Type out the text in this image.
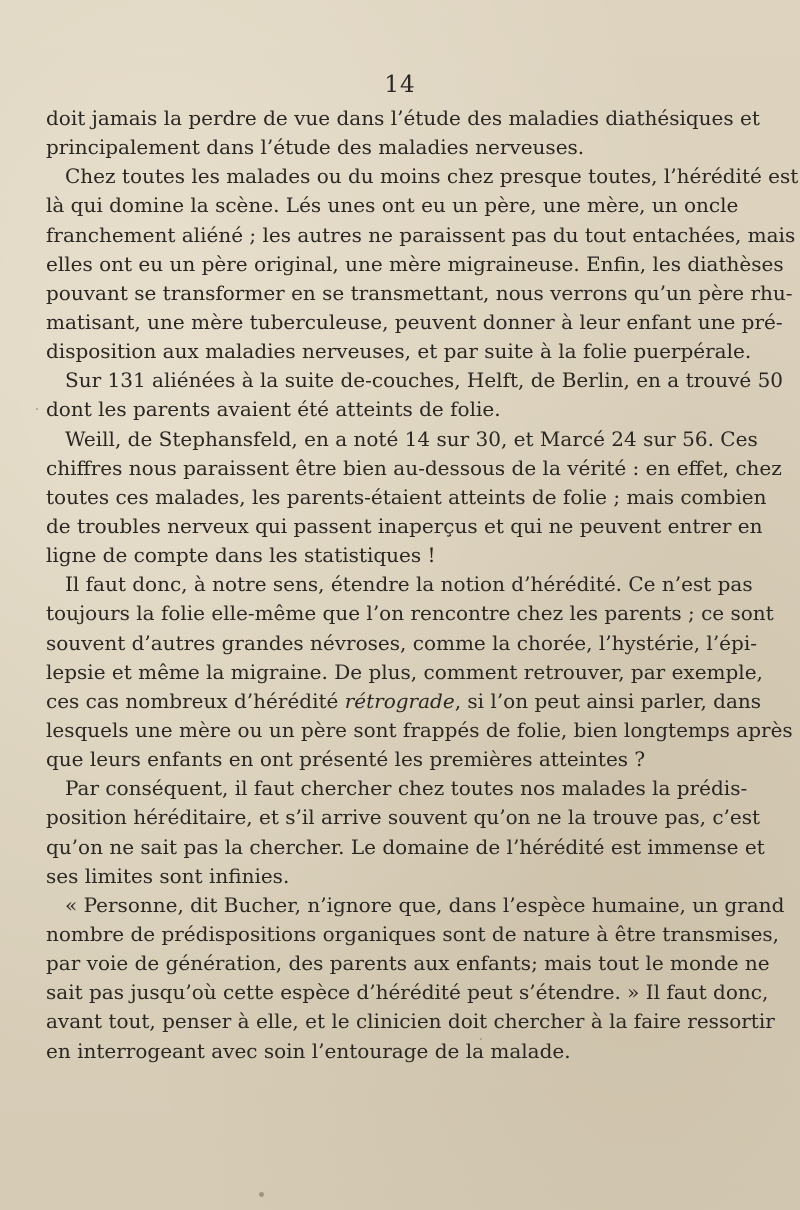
14
doit jamais la perdre de vue dans l’étude des maladies diathésiques et
principalement dans l’étude des maladies nerveuses.
Chez toutes les malades ou du moins chez presque toutes, l’hérédité est
là qui domine la scène. Lés unes ont eu un père, une mère, un oncle
franchement aliéné ; les autres ne paraissent pas du tout entachées, mais
elles ont eu un père original, une mère migraineuse. Enfin, les diathèses
pouvant se transformer en se transmettant, nous verrons qu’un père rhu-
matisant, une mère tuberculeuse, peuvent donner à leur enfant une pré-
disposition aux maladies nerveuses, et par suite à la folie puerpérale.
Sur 131 aliénées à la suite de-couches, Helft, de Berlin, en a trouvé 50
dont les parents avaient été atteints de folie.
Weill, de Stephansfeld, en a noté 14 sur 30, et Marcé 24 sur 56. Ces
chiffres nous paraissent être bien au-dessous de la vérité : en effet, chez
toutes ces malades, les parents-étaient atteints de folie ; mais combien
de troubles nerveux qui passent inaperçus et qui ne peuvent entrer en
ligne de compte dans les statistiques !
Il faut donc, à notre sens, étendre la notion d’hérédité. Ce n’est pas
toujours la folie elle-même que l’on rencontre chez les parents ; ce sont
souvent d’autres grandes névroses, comme la chorée, l’hystérie, l’épi-
lepsie et même la migraine. De plus, comment retrouver, par exemple,
ces cas nombreux d’hérédité rétrograde, si l’on peut ainsi parler, dans
lesquels une mère ou un père sont frappés de folie, bien longtemps après
que leurs enfants en ont présenté les premières atteintes ?
Par conséquent, il faut chercher chez toutes nos malades la prédis-
position héréditaire, et s’il arrive souvent qu’on ne la trouve pas, c’est
qu’on ne sait pas la chercher. Le domaine de l’hérédité est immense et
ses limites sont infinies.
« Personne, dit Bucher, n’ignore que, dans l’espèce humaine, un grand
nombre de prédispositions organiques sont de nature à être transmises,
par voie de génération, des parents aux enfants; mais tout le monde ne
sait pas jusqu’où cette espèce d’hérédité peut s’étendre. » Il faut donc,
avant tout, penser à elle, et le clinicien doit chercher à la faire ressortir
en interrogeant avec soin l’entourage de la malade.
